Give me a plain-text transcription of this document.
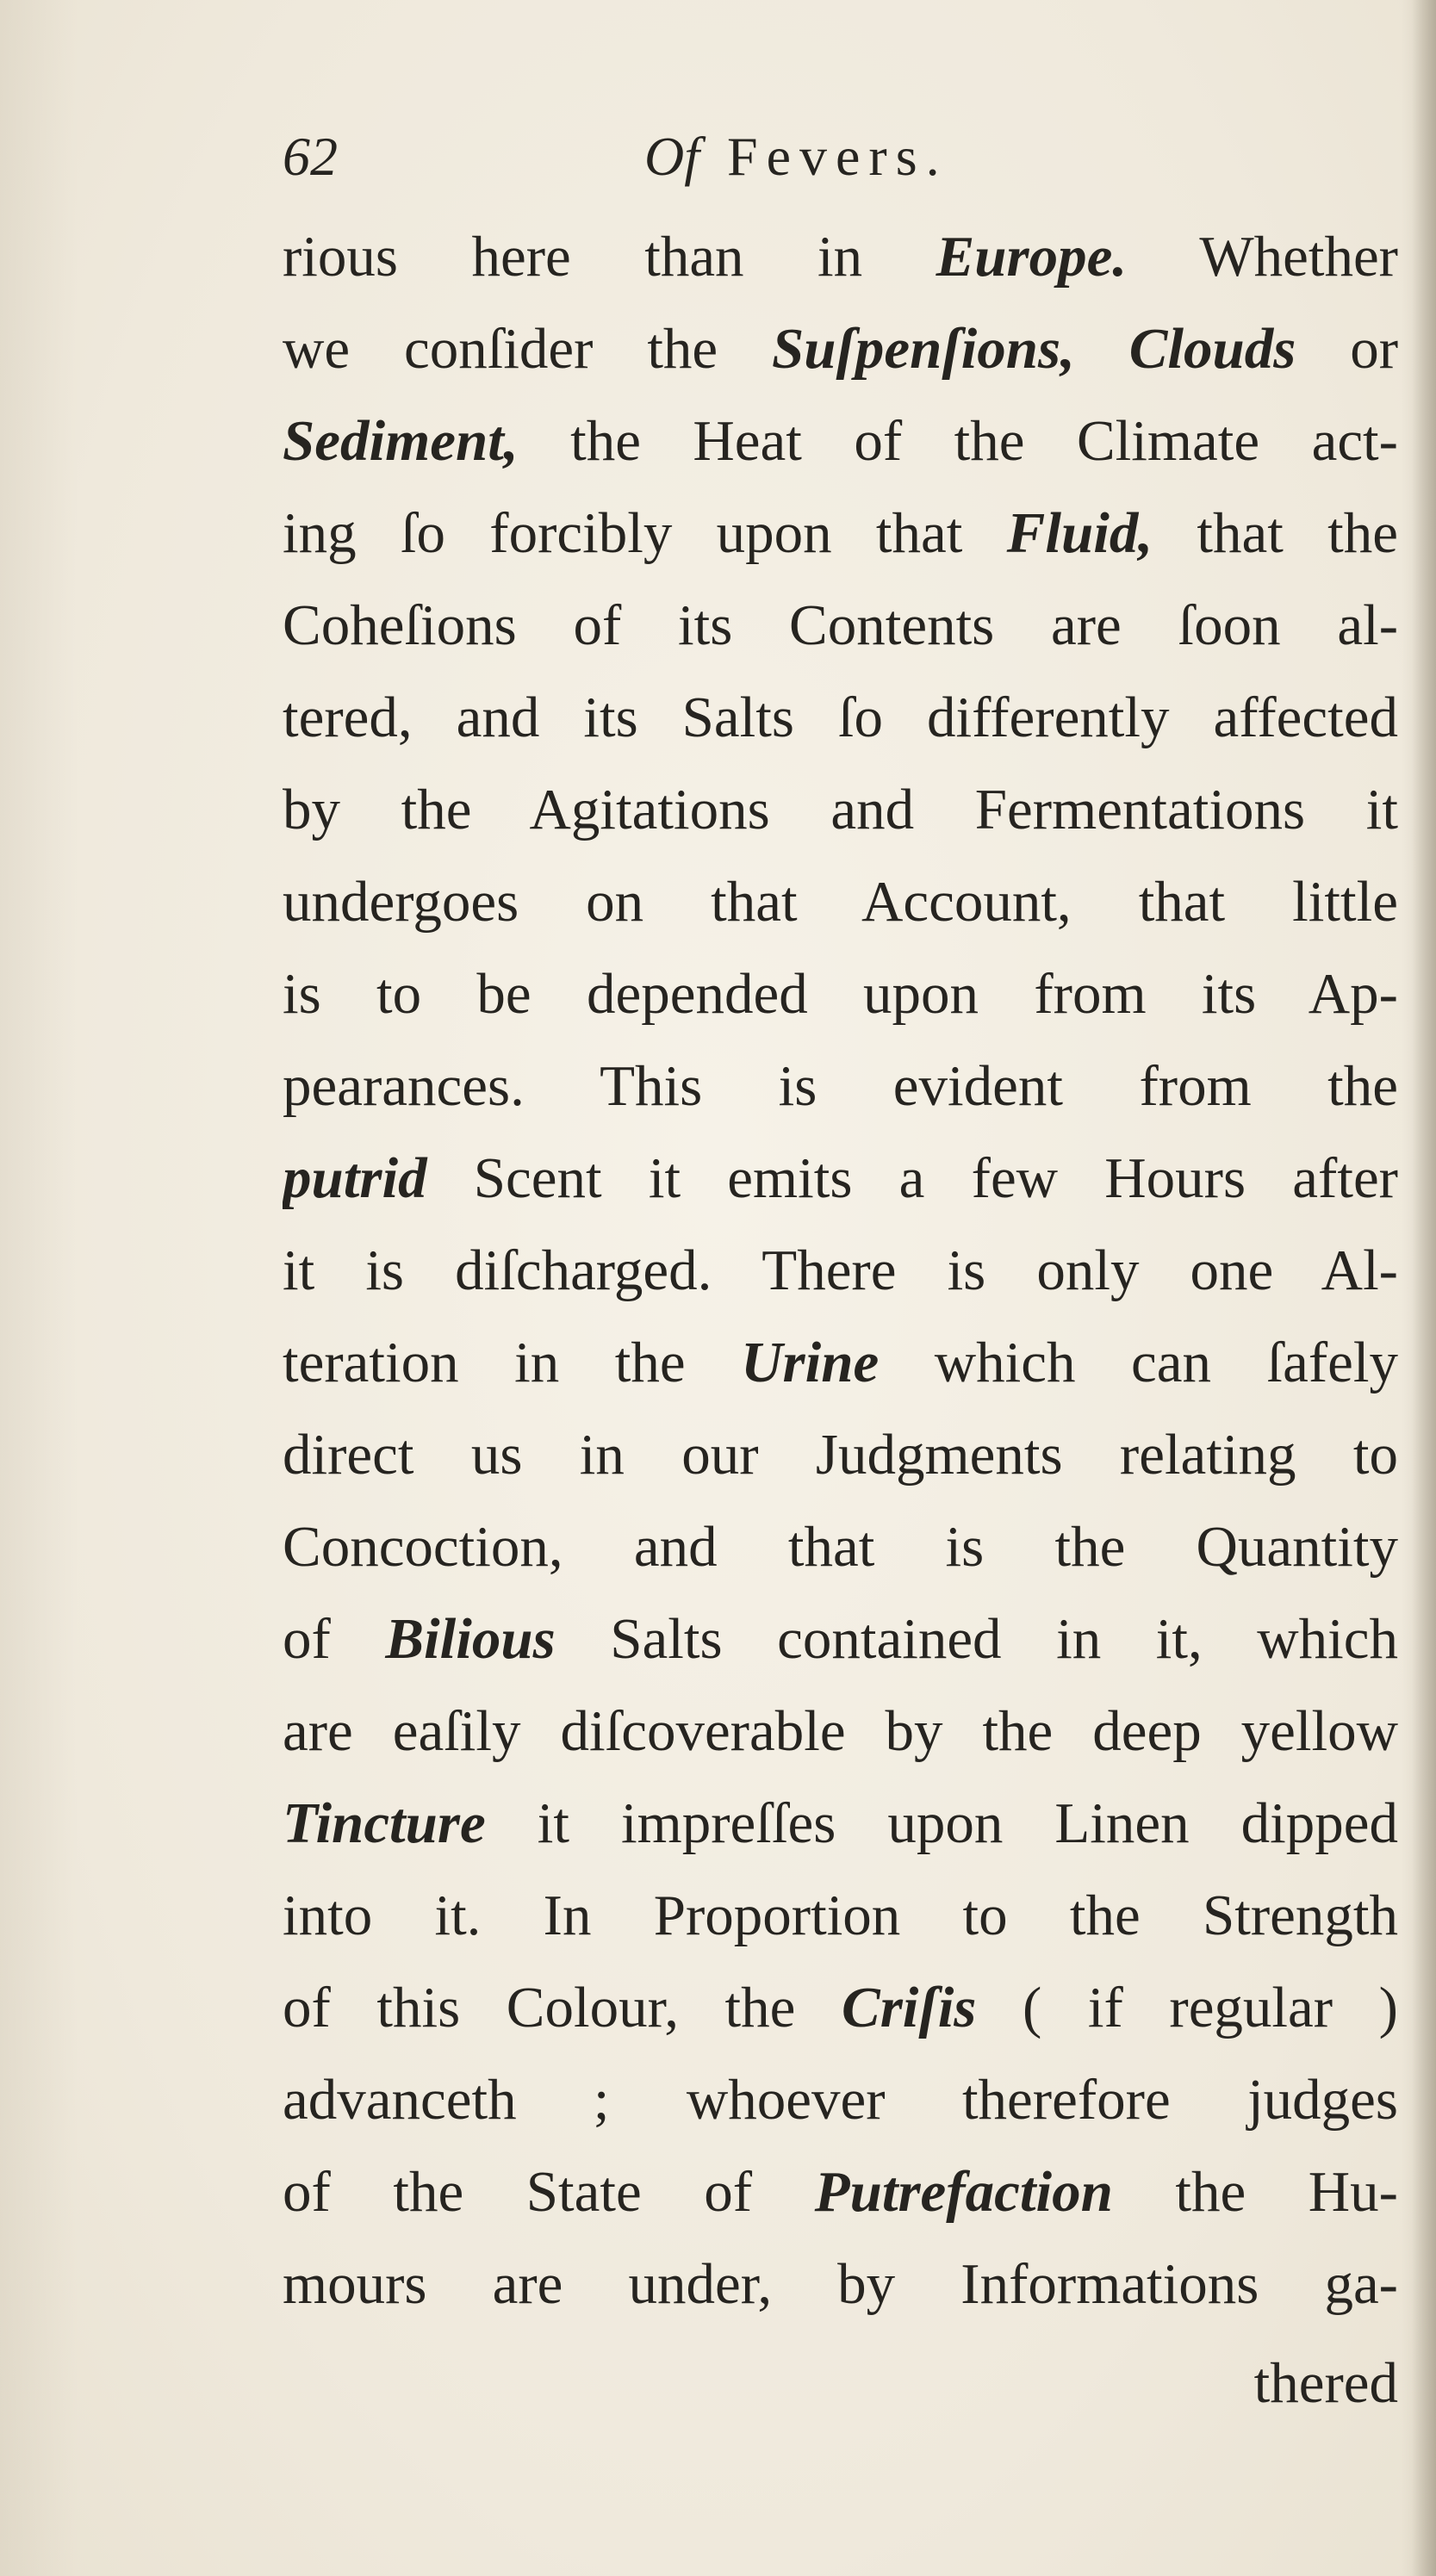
62	Of Fevers.
rious here than in Europe. Whether
we conſider the Suſpenſions, Clouds or
Sediment, the Heat of the Climate act-
ing ſo forcibly upon that Fluid, that the
Coheſions of its Contents are ſoon al-
tered, and its Salts ſo differently affected
by the Agitations and Fermentations it
undergoes on that Account, that little
is to be depended upon from its Ap-
pearances. This is evident from the
putrid Scent it emits a few Hours after
it is diſcharged. There is only one Al-
teration in the Urine which can ſafely
direct us in our Judgments relating to
Concoction, and that is the Quantity
of Bilious Salts contained in it, which
are eaſily diſcoverable by the deep yellow
Tincture it impreſſes upon Linen dipped
into it. In Proportion to the Strength
of this Colour, the Criſis ( if regular )
advanceth ; whoever therefore judges
of the State of Putrefaction the Hu-
mours are under, by Informations ga-
thered
